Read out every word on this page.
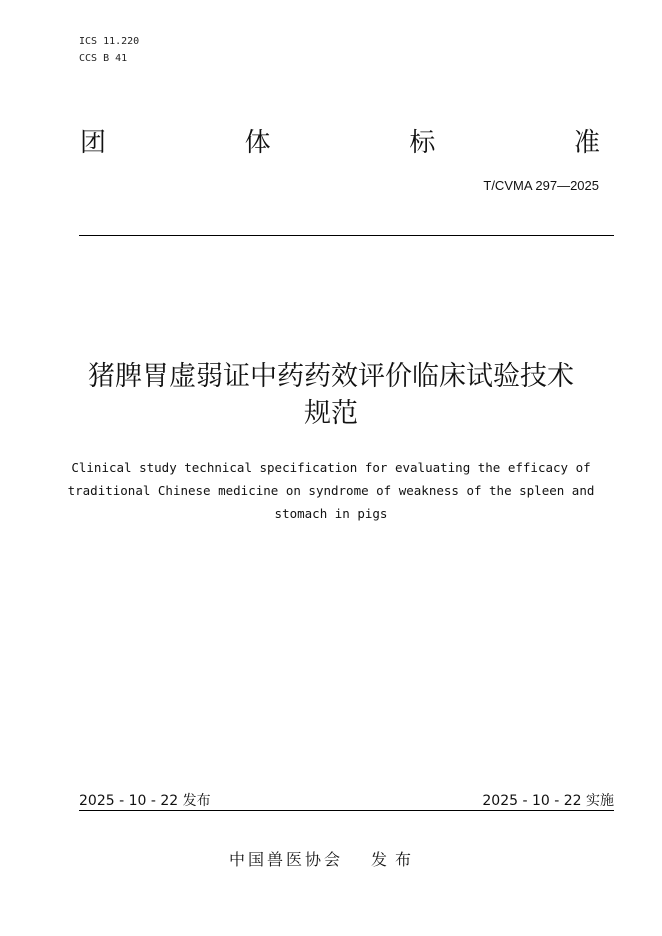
ICS 11.220
CCS B 41
团	体	标	准
T/CVMA 297—2025
猪脾胃虚弱证中药药效评价临床试验技术
规范
Clinical study technical specification for evaluating the efficacy of
traditional Chinese medicine on syndrome of weakness of the spleen and
stomach in pigs
2025 - 10 - 22 发布	2025 - 10 - 22 实施
中国兽医协会 发布
